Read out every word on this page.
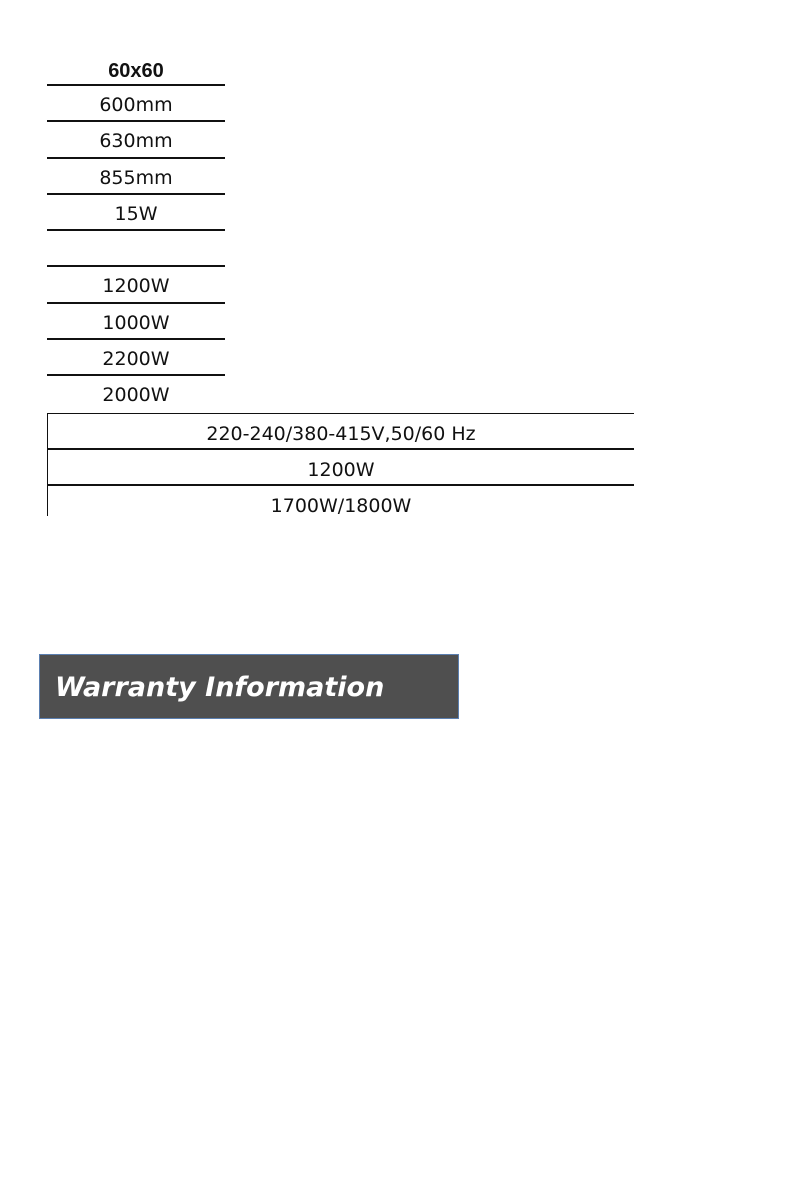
60x60
600mm
630mm
855mm
15W
1200W
1000W
2200W
2000W
220-240/380-415V,50/60 Hz
1200W
1700W/1800W
Warranty Information
